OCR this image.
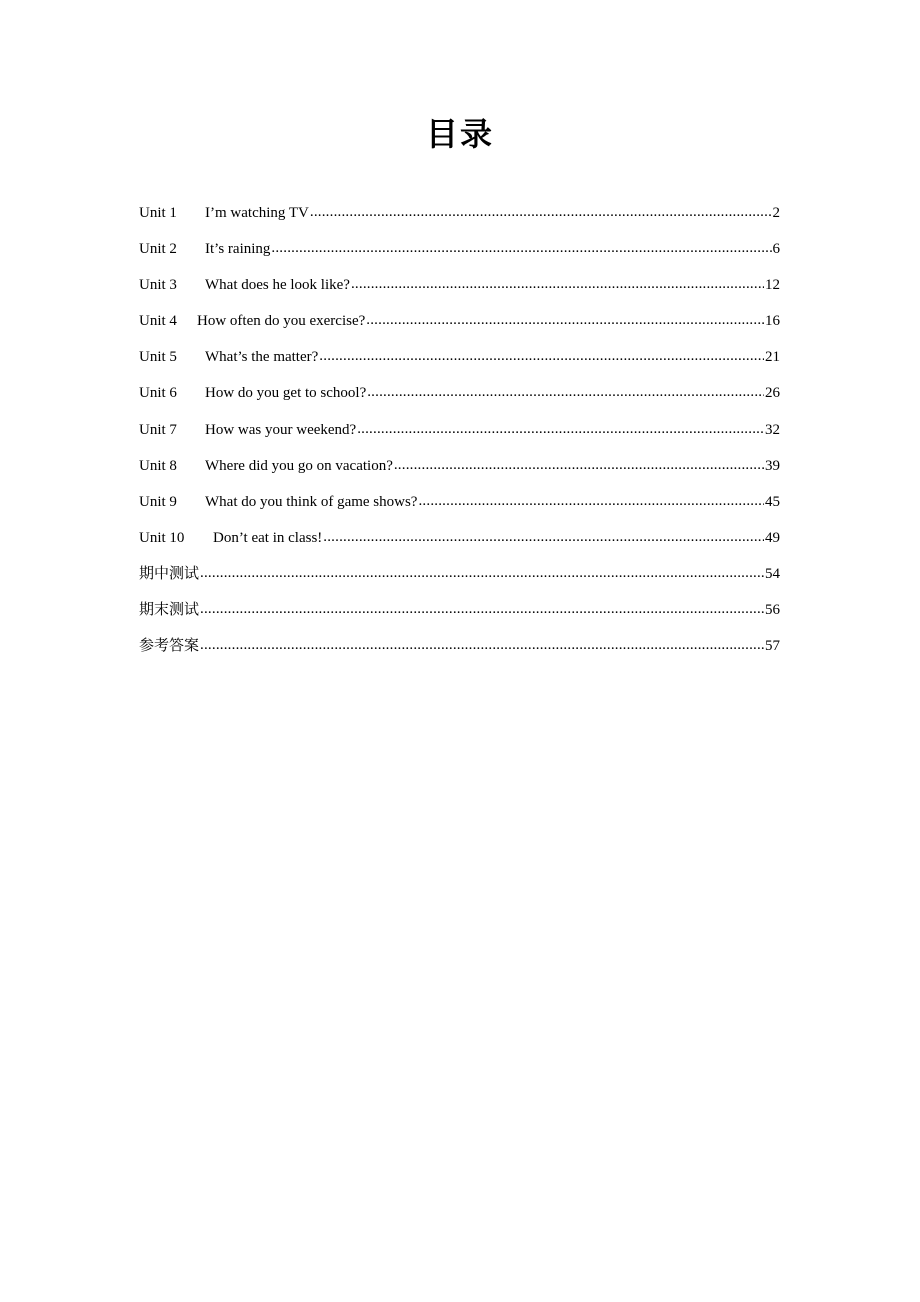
目录
Unit 1	I’m watching TV .....	2
Unit 2	It’s raining .....	6
Unit 3	What does he look like? .....	12
Unit 4	How often do you exercise? .....	16
Unit 5	What’s the matter? .....	21
Unit 6	How do you get to school? .....	26
Unit 7	How was your weekend? .....	32
Unit 8	Where did you go on vacation? .....	39
Unit 9	What do you think of game shows? .....	45
Unit 10	Don’t eat in class! .....	49
期中测试 .....	54
期末测试 .....	56
参考答案 .....	57
